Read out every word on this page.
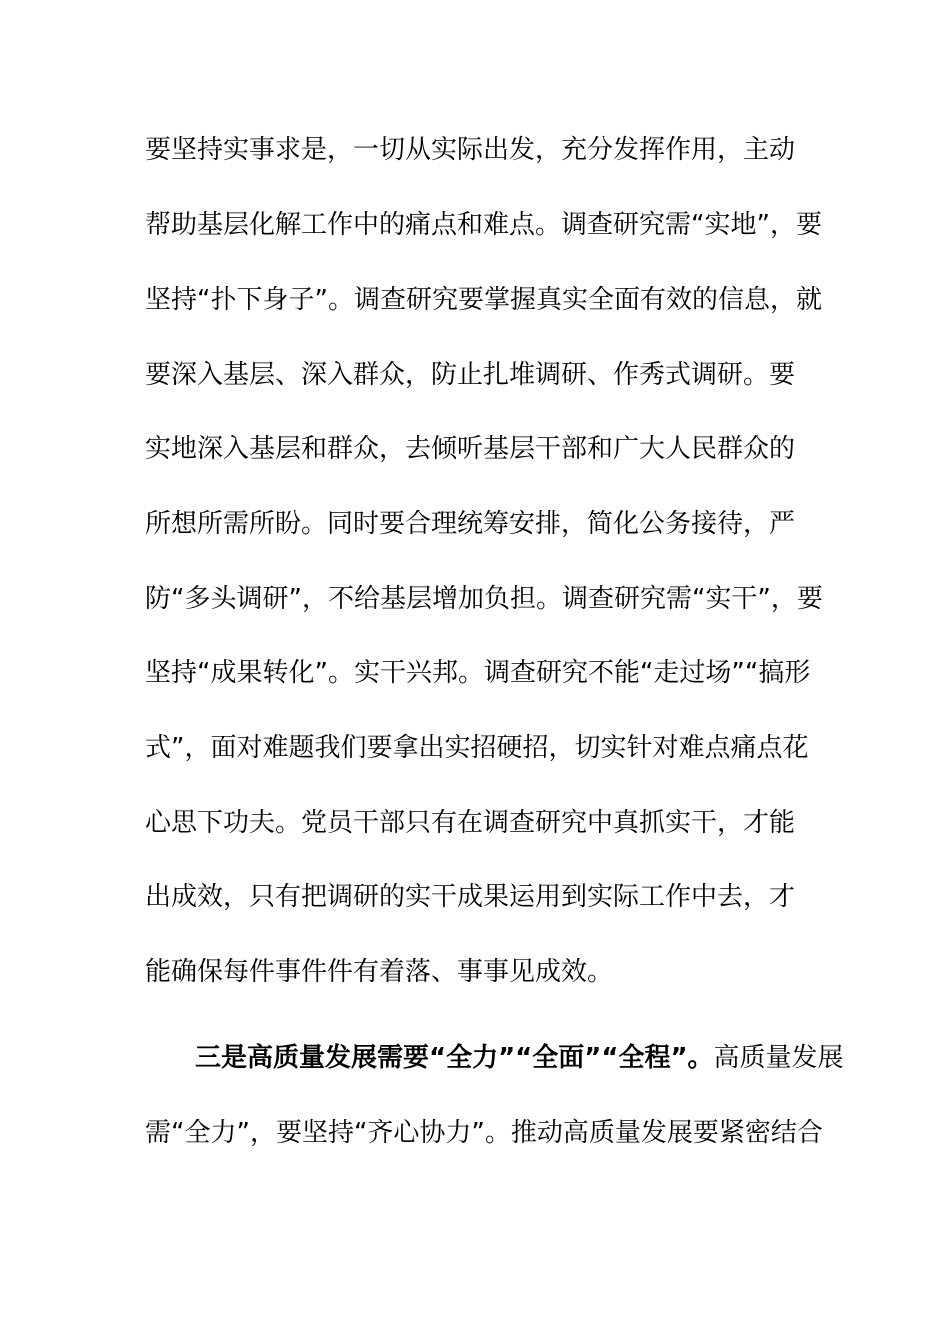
要坚持实事求是，一切从实际出发，充分发挥作用，主动
帮助基层化解工作中的痛点和难点。调查研究需“实地”，要
坚持“扑下身子”。调查研究要掌握真实全面有效的信息，就
要深入基层、深入群众，防止扎堆调研、作秀式调研。要
实地深入基层和群众，去倾听基层干部和广大人民群众的
所想所需所盼。同时要合理统筹安排，简化公务接待，严
防“多头调研”，不给基层增加负担。调查研究需“实干”，要
坚持“成果转化”。实干兴邦。调查研究不能“走过场”“搞形
式”，面对难题我们要拿出实招硬招，切实针对难点痛点花
心思下功夫。党员干部只有在调查研究中真抓实干，才能
出成效，只有把调研的实干成果运用到实际工作中去，才
能确保每件事件件有着落、事事见成效。
三是高质量发展需要“全力”“全面”“全程”。高质量发展
需“全力”，要坚持“齐心协力”。推动高质量发展要紧密结合
